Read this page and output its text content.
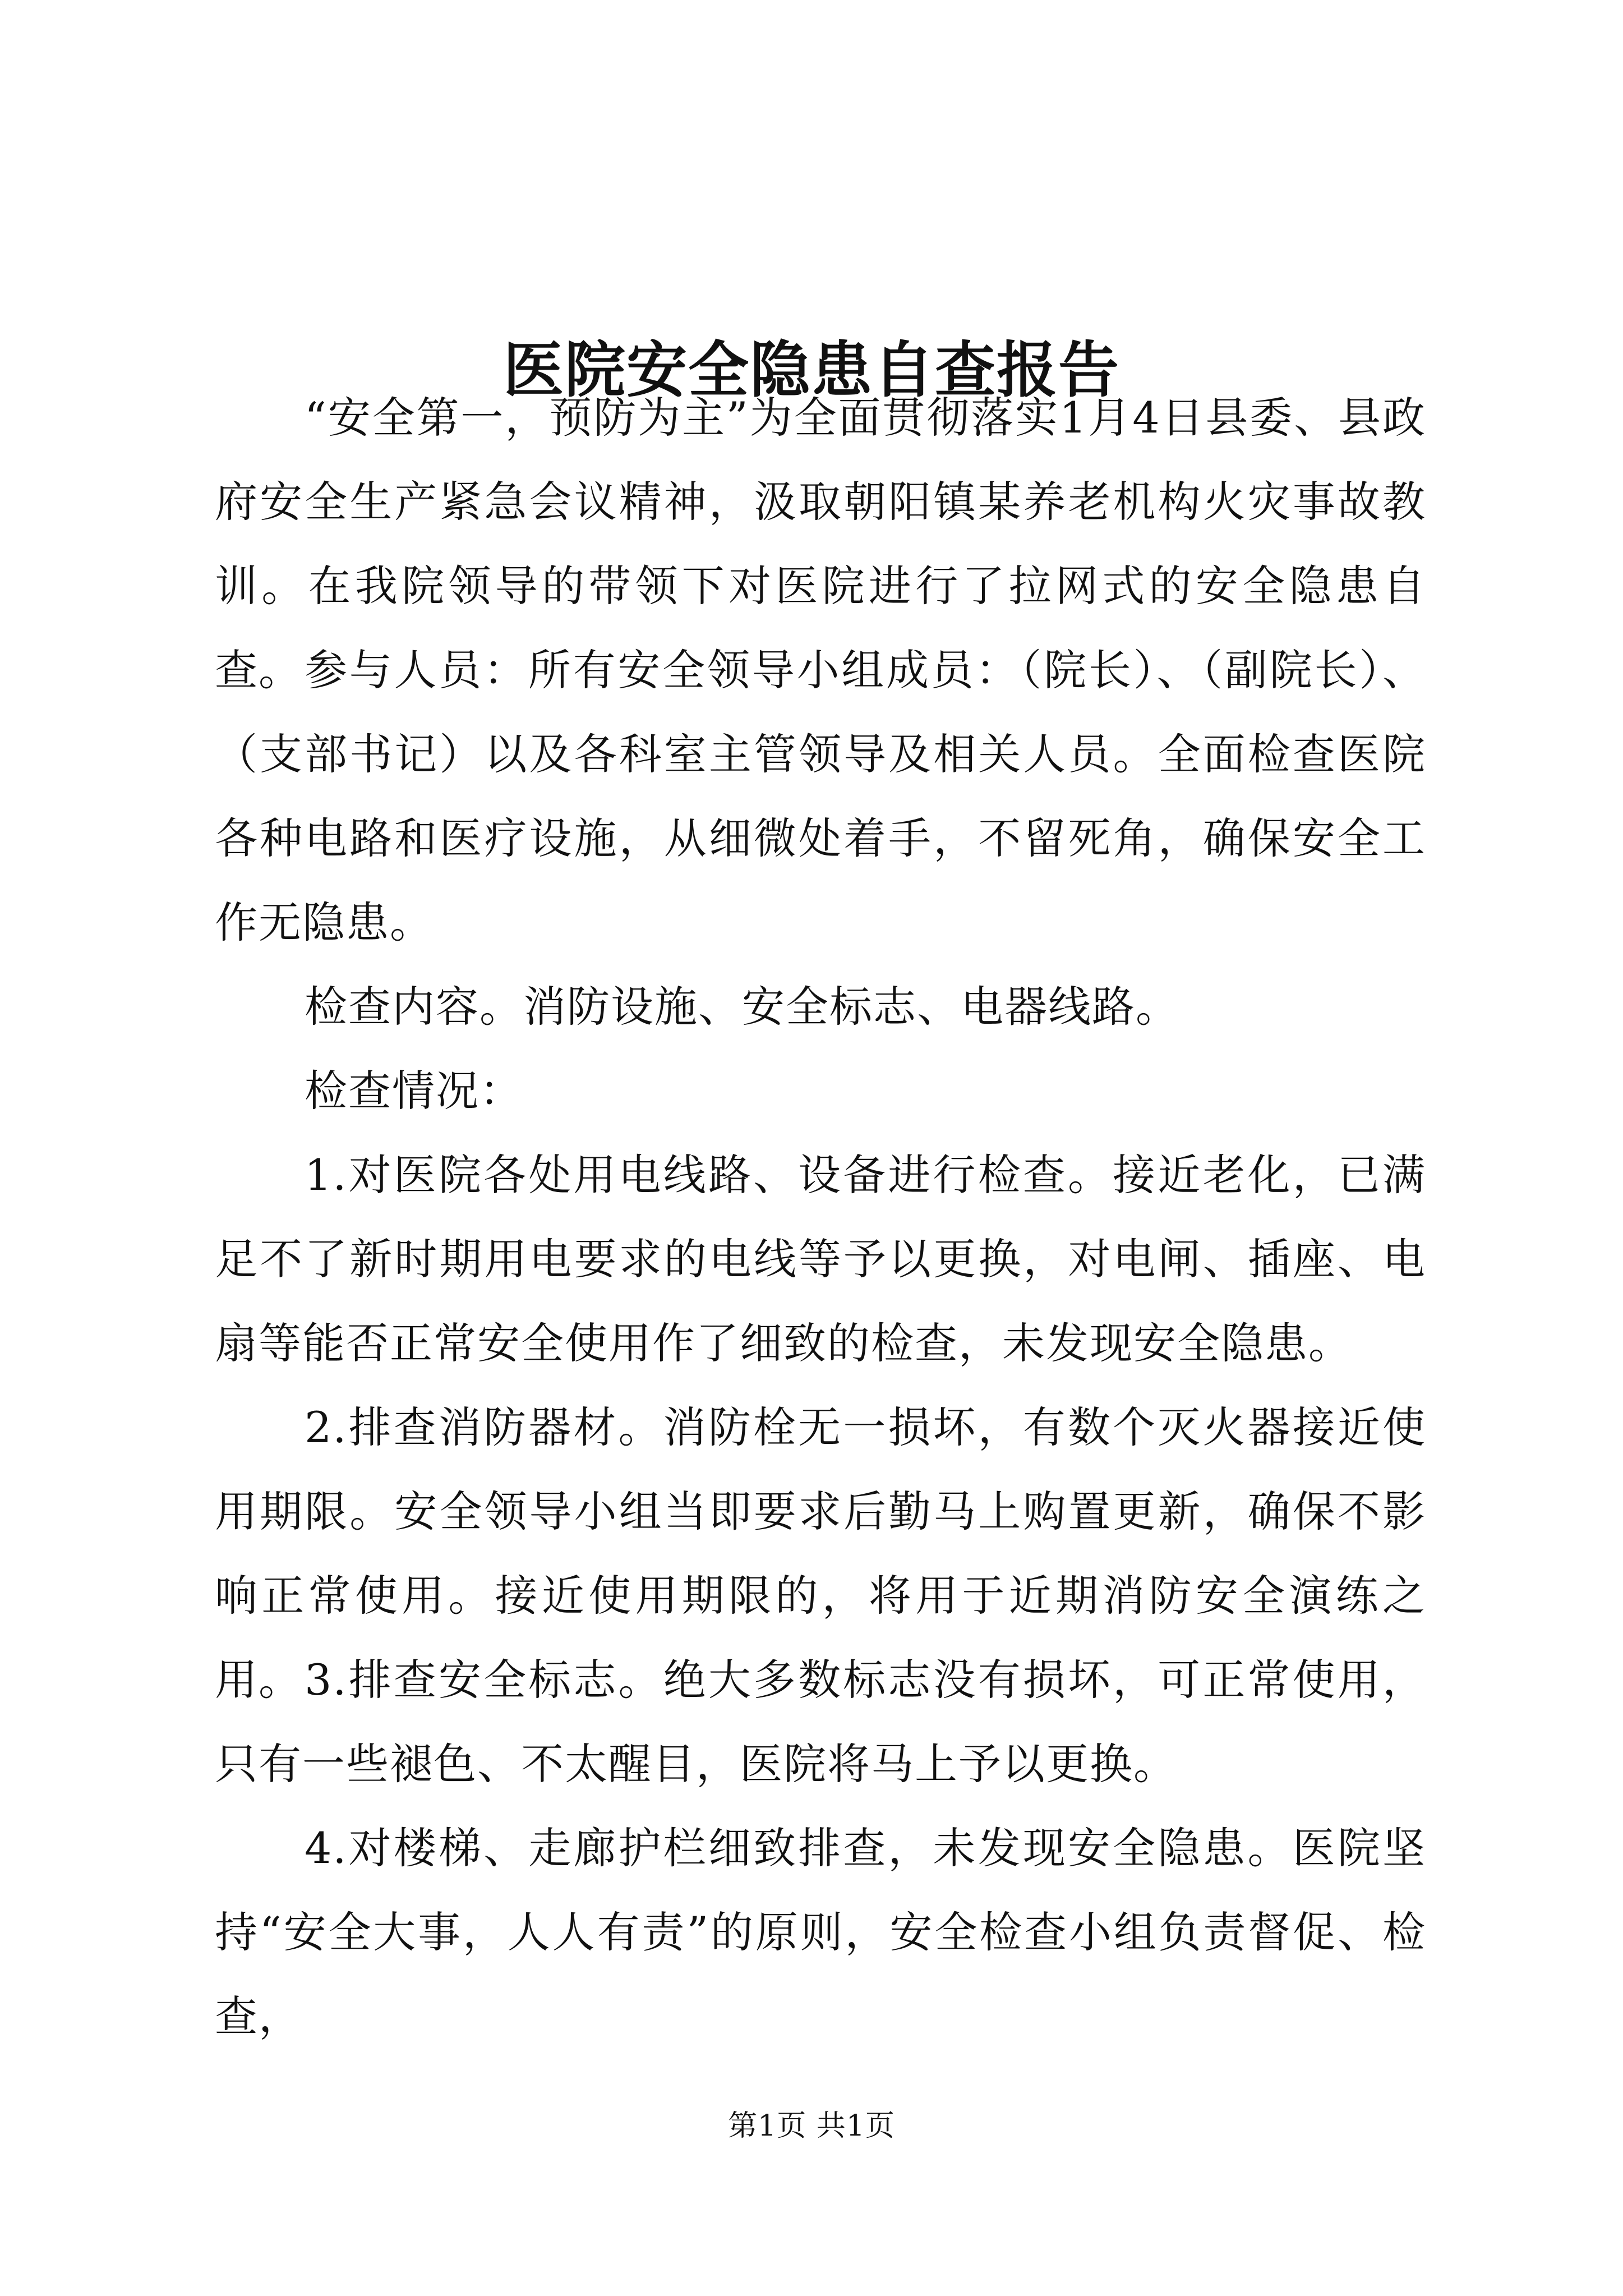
医院安全隐患自查报告

“安全第一，预防为主”为全面贯彻落实1月4日县委、县政府安全生产紧急会议精神，汲取朝阳镇某养老机构火灾事故教训。在我院领导的带领下对医院进行了拉网式的安全隐患自查。 参与人员：所有安全领导小组成员：（院长）、（副院长）、（支部书记）以及各科室主管领导及相关人员。全面检查医院各种电路和医疗设施，从细微处着手，不留死角，确保安全工作无隐患。

检查内容。消防设施、安全标志、电器线路。

检查情况：

1.对医院各处用电线路、设备进行检查。接近老化，已满足不了新时期用电要求的电线等予以更换，对电闸、插座、电扇等能否正常安全使用作了细致的检查，未发现安全隐患。

2.排查消防器材。消防栓无一损坏，有数个灭火器接近使用期限。安全领导小组当即要求后勤马上购置更新，确保不影响正常使用。接近使用期限的，将用于近期消防安全演练之用。 3.排查安全标志。绝大多数标志没有损坏，可正常使用，只有一些褪色、不太醒目，医院将马上予以更换。

4.对楼梯、走廊护栏细致排查，未发现安全隐患。医院坚持“安全大事，人人有责”的原则，安全检查小组负责督促、检查，

第1页 共1页
